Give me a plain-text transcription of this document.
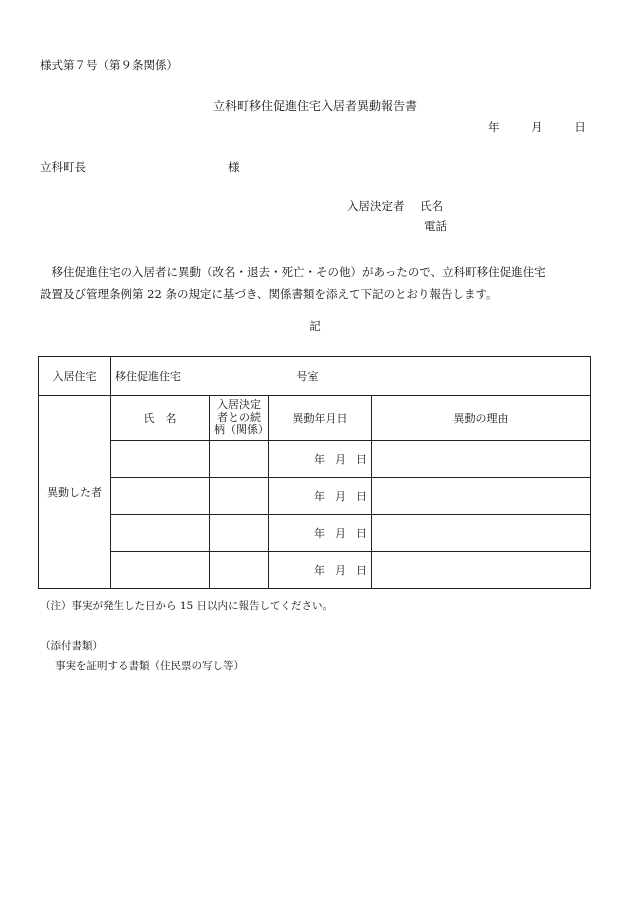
様式第７号（第９条関係）
立科町移住促進住宅入居者異動報告書
年	月	日
立科町長	様
入居決定者 氏名
電話

　移住促進住宅の入居者に異動（改名・退去・死亡・その他）があったので、立科町移住促進住宅

設置及び管理条例第 22 条の規定に基づき、関係書類を添えて下記のとおり報告します。

記
入居住宅	移住促進住宅 号室			
異動した者	氏　名	入居決定
者との続
柄（関係）	異動年月日	異動の理由
			年 月 日	
			年 月 日	
			年 月 日	
			年 月 日	
（注）事実が発生した日から 15 日以内に報告してください。
（添付書類）
事実を証明する書類（住民票の写し等）
